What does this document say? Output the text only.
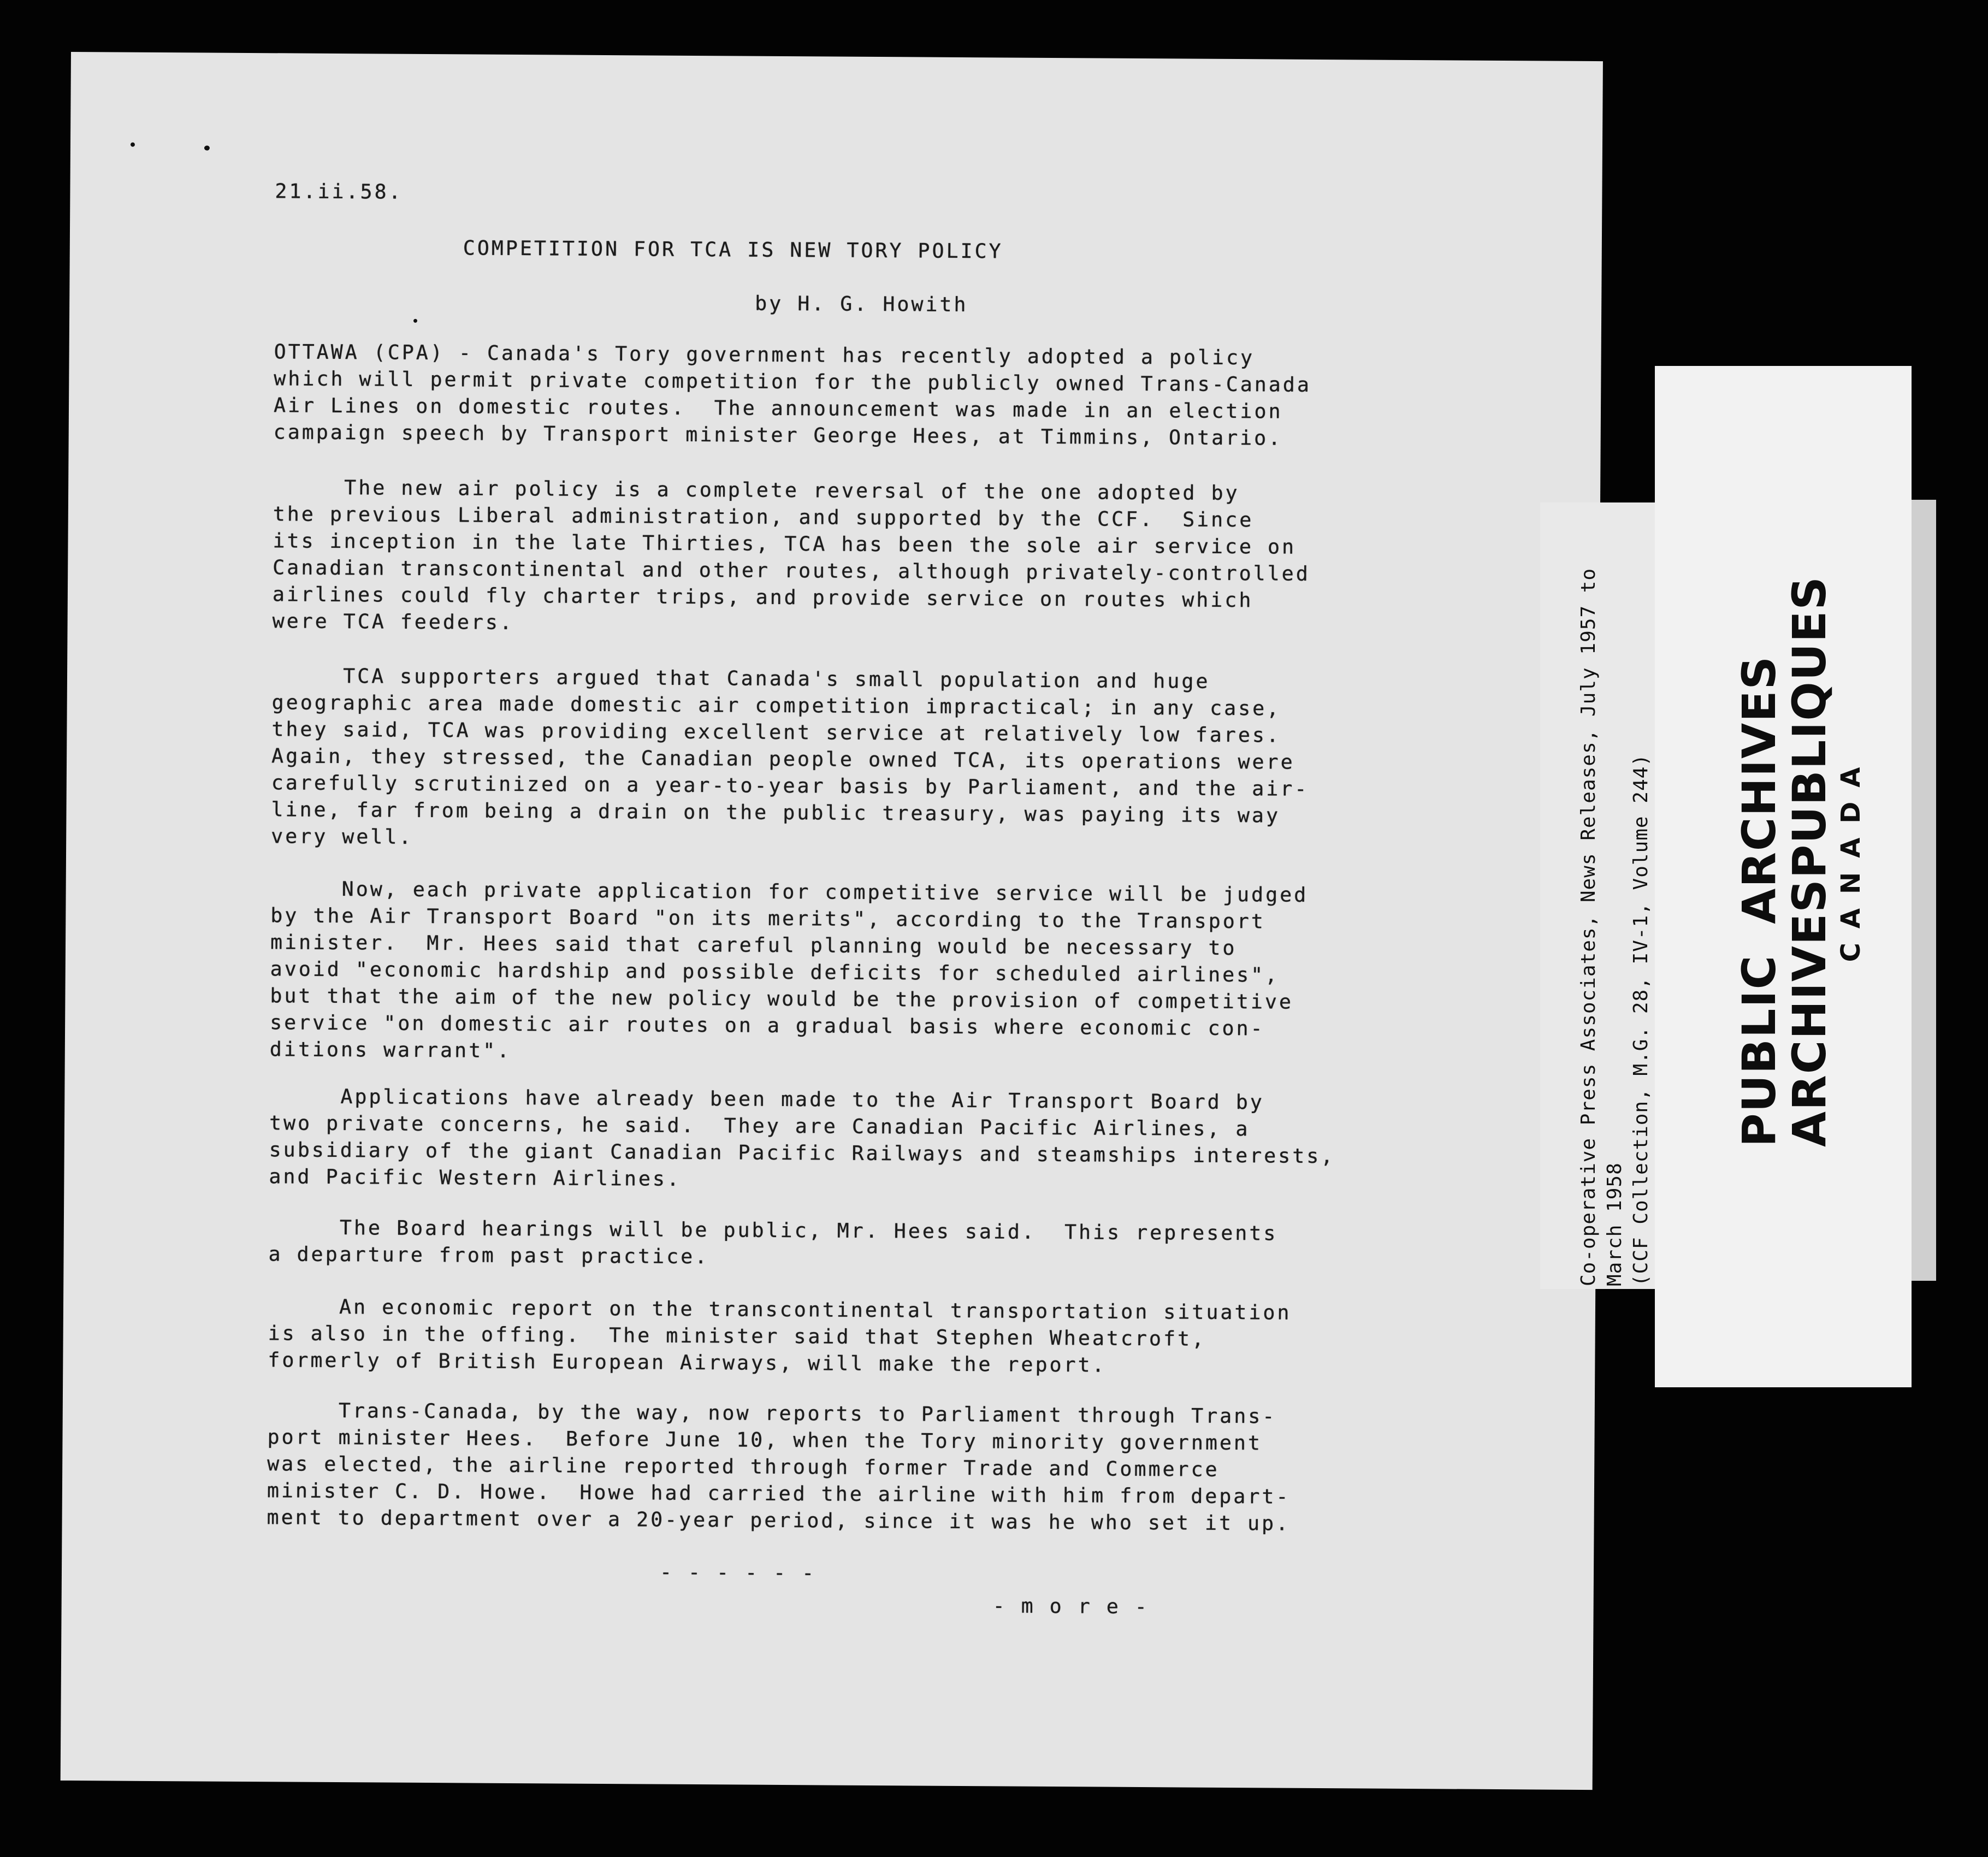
21.ii.58.
COMPETITION FOR TCA IS NEW TORY POLICY
by H. G. Howith
OTTAWA (CPA) - Canada's Tory government has recently adopted a policy
which will permit private competition for the publicly owned Trans-Canada
Air Lines on domestic routes.  The announcement was made in an election
campaign speech by Transport minister George Hees, at Timmins, Ontario.
The new air policy is a complete reversal of the one adopted by
the previous Liberal administration, and supported by the CCF.  Since
its inception in the late Thirties, TCA has been the sole air service on
Canadian transcontinental and other routes, although privately-controlled
airlines could fly charter trips, and provide service on routes which
were TCA feeders.
TCA supporters argued that Canada's small population and huge
geographic area made domestic air competition impractical; in any case,
they said, TCA was providing excellent service at relatively low fares.
Again, they stressed, the Canadian people owned TCA, its operations were
carefully scrutinized on a year-to-year basis by Parliament, and the air-
line, far from being a drain on the public treasury, was paying its way
very well.
Now, each private application for competitive service will be judged
by the Air Transport Board "on its merits", according to the Transport
minister.  Mr. Hees said that careful planning would be necessary to
avoid "economic hardship and possible deficits for scheduled airlines",
but that the aim of the new policy would be the provision of competitive
service "on domestic air routes on a gradual basis where economic con-
ditions warrant".
Applications have already been made to the Air Transport Board by
two private concerns, he said.  They are Canadian Pacific Airlines, a
subsidiary of the giant Canadian Pacific Railways and steamships interests,
and Pacific Western Airlines.
The Board hearings will be public, Mr. Hees said.  This represents
a departure from past practice.
An economic report on the transcontinental transportation situation
is also in the offing.  The minister said that Stephen Wheatcroft,
formerly of British European Airways, will make the report.
Trans-Canada, by the way, now reports to Parliament through Trans-
port minister Hees.  Before June 10, when the Tory minority government
was elected, the airline reported through former Trade and Commerce
minister C. D. Howe.  Howe had carried the airline with him from depart-
ment to department over a 20-year period, since it was he who set it up.
- - - - - -
- m o r e -
Co-operative Press Associates, News Releases, July 1957 to March 1958 (CCF Collection, M.G. 28, IV-1, Volume 244) PUBLIC
ARCHIVES
ARCHIVES
PUBLIQUES CANADA
